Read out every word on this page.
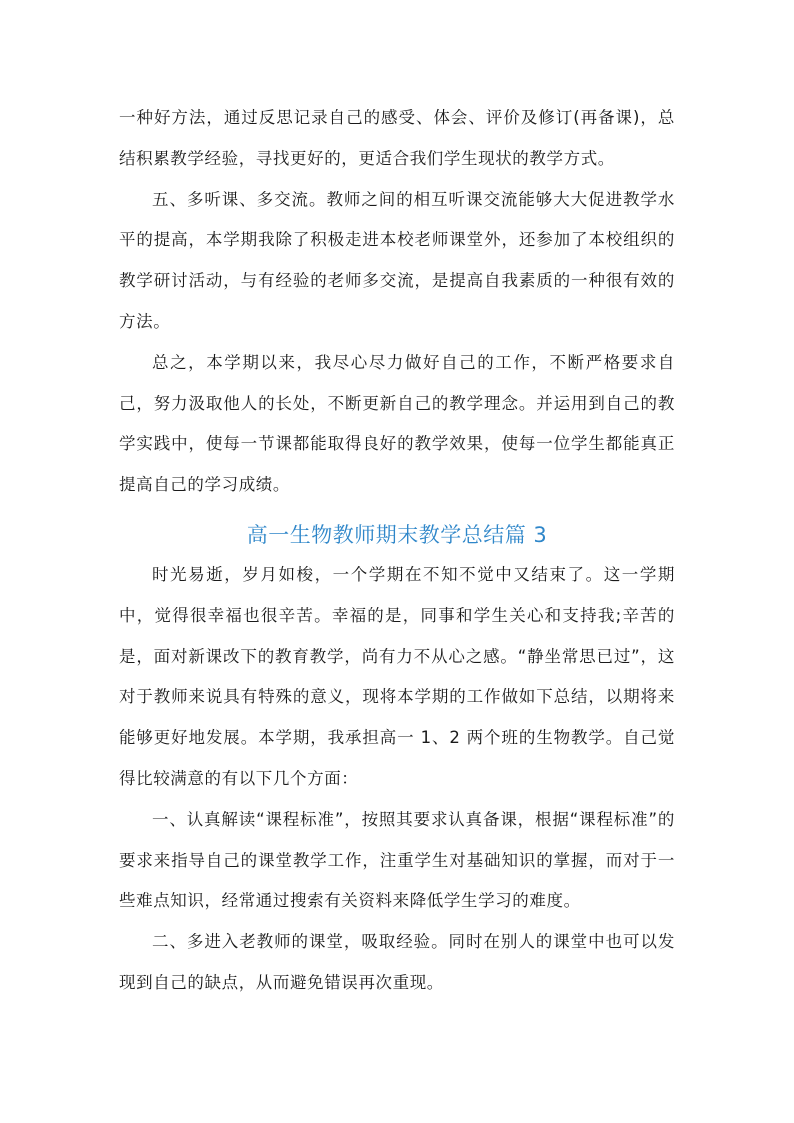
一种好方法，通过反思记录自己的感受、体会、评价及修订(再备课)，总结积累教学经验，寻找更好的，更适合我们学生现状的教学方式。

五、多听课、多交流。教师之间的相互听课交流能够大大促进教学水平的提高，本学期我除了积极走进本校老师课堂外，还参加了本校组织的教学研讨活动，与有经验的老师多交流，是提高自我素质的一种很有效的方法。

总之，本学期以来，我尽心尽力做好自己的工作，不断严格要求自己，努力汲取他人的长处，不断更新自己的教学理念。并运用到自己的教学实践中，使每一节课都能取得良好的教学效果，使每一位学生都能真正提高自己的学习成绩。

高一生物教师期末教学总结篇 3

时光易逝，岁月如梭，一个学期在不知不觉中又结束了。这一学期中，觉得很幸福也很辛苦。幸福的是，同事和学生关心和支持我;辛苦的是，面对新课改下的教育教学，尚有力不从心之感。“静坐常思已过”，这对于教师来说具有特殊的意义，现将本学期的工作做如下总结，以期将来能够更好地发展。本学期，我承担高一 1、2 两个班的生物教学。自己觉得比较满意的有以下几个方面：

一、认真解读“课程标准”，按照其要求认真备课，根据“课程标准”的要求来指导自己的课堂教学工作，注重学生对基础知识的掌握，而对于一些难点知识，经常通过搜索有关资料来降低学生学习的难度。

二、多进入老教师的课堂，吸取经验。同时在别人的课堂中也可以发现到自己的缺点，从而避免错误再次重现。
